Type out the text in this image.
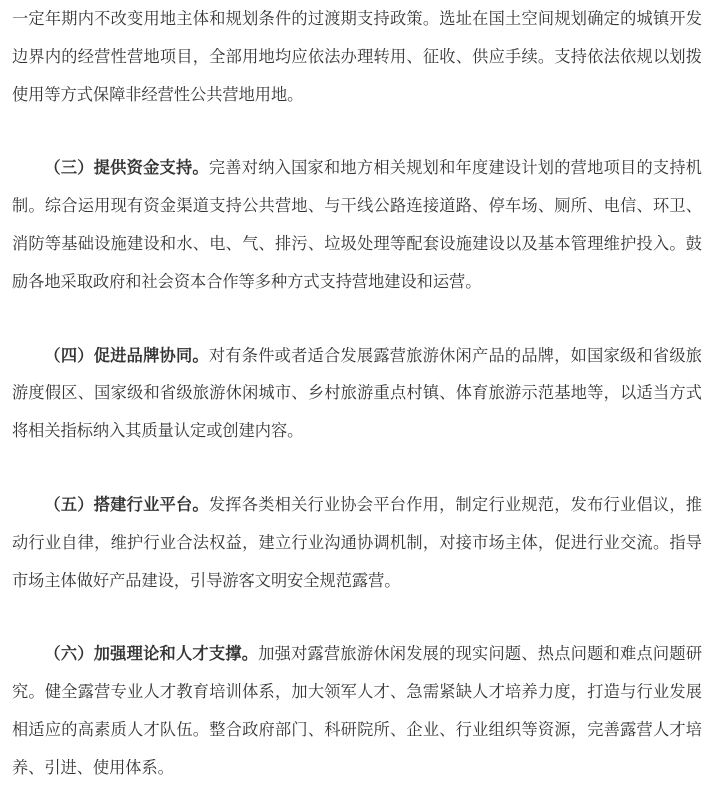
一定年期内不改变用地主体和规划条件的过渡期支持政策。选址在国土空间规划确定的城镇开发边界内的经营性营地项目，全部用地均应依法办理转用、征收、供应手续。支持依法依规以划拨使用等方式保障非经营性公共营地用地。

（三）提供资金支持。完善对纳入国家和地方相关规划和年度建设计划的营地项目的支持机制。综合运用现有资金渠道支持公共营地、与干线公路连接道路、停车场、厕所、电信、环卫、消防等基础设施建设和水、电、气、排污、垃圾处理等配套设施建设以及基本管理维护投入。鼓励各地采取政府和社会资本合作等多种方式支持营地建设和运营。

（四）促进品牌协同。对有条件或者适合发展露营旅游休闲产品的品牌，如国家级和省级旅游度假区、国家级和省级旅游休闲城市、乡村旅游重点村镇、体育旅游示范基地等，以适当方式将相关指标纳入其质量认定或创建内容。

（五）搭建行业平台。发挥各类相关行业协会平台作用，制定行业规范，发布行业倡议，推动行业自律，维护行业合法权益，建立行业沟通协调机制，对接市场主体，促进行业交流。指导市场主体做好产品建设，引导游客文明安全规范露营。

（六）加强理论和人才支撑。加强对露营旅游休闲发展的现实问题、热点问题和难点问题研究。健全露营专业人才教育培训体系，加大领军人才、急需紧缺人才培养力度，打造与行业发展相适应的高素质人才队伍。整合政府部门、科研院所、企业、行业组织等资源，完善露营人才培养、引进、使用体系。
